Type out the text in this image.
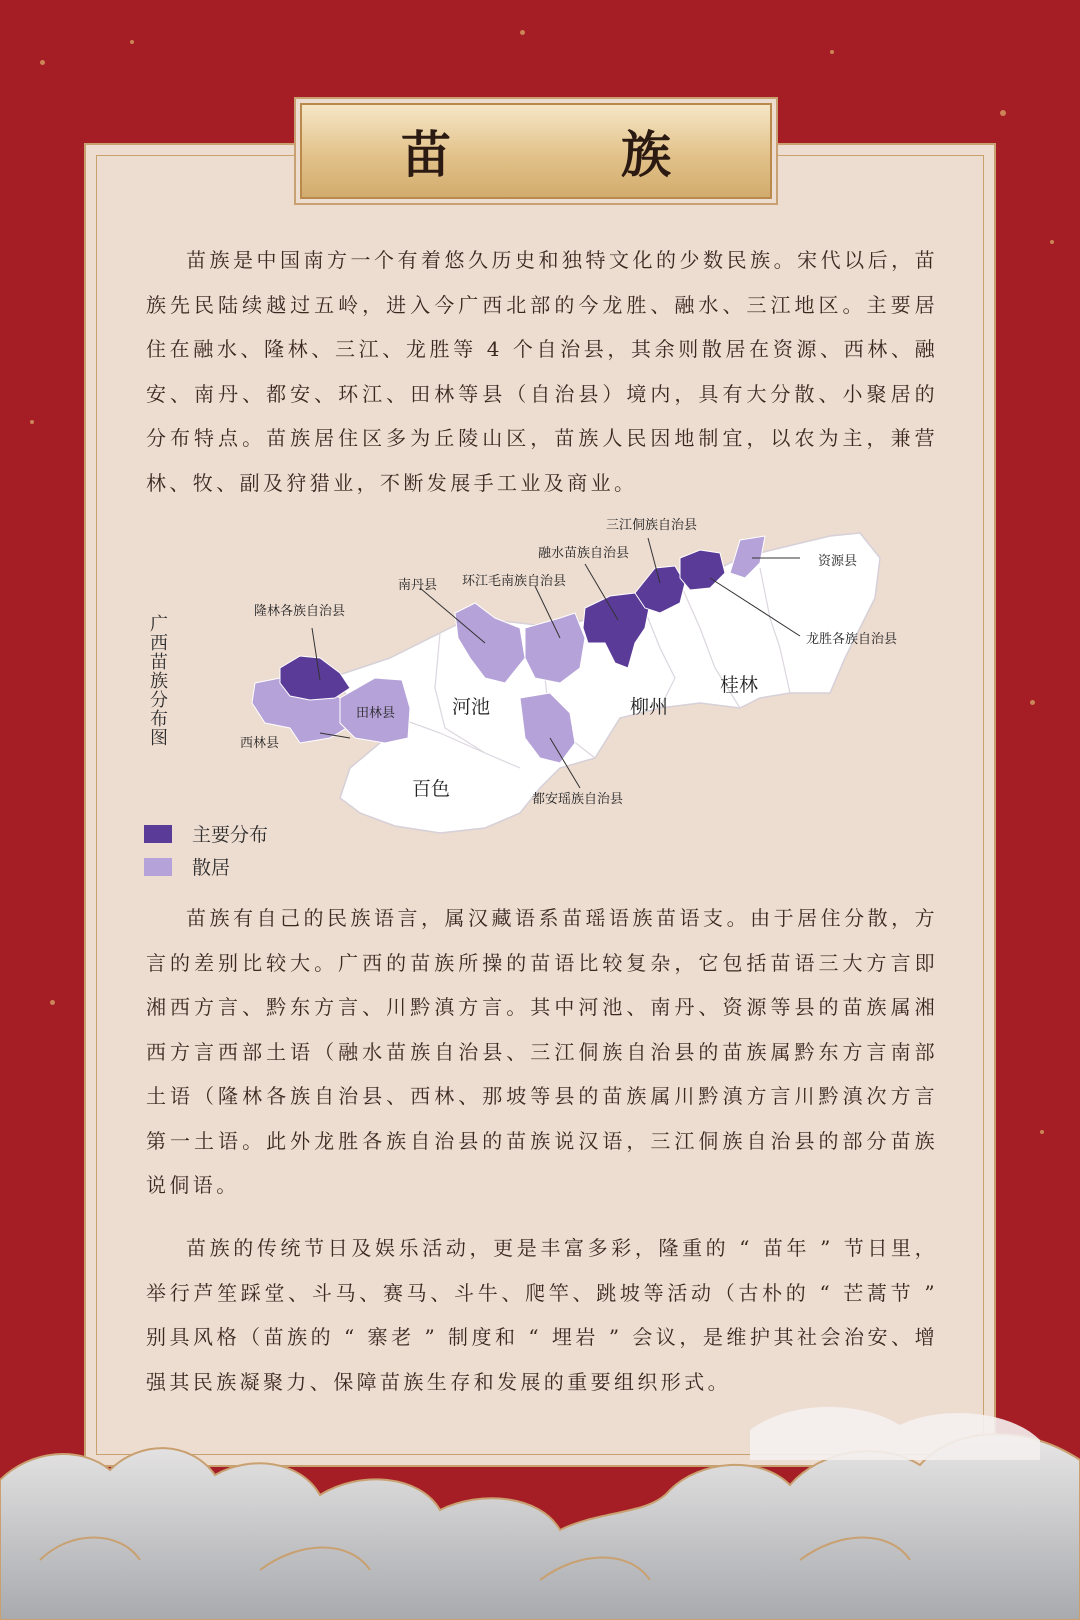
苗　族

苗族是中国南方一个有着悠久历史和独特文化的少数民族。宋代以后，苗族先民陆续越过五岭，进入今广西北部的今龙胜、融水、三江地区。主要居住在融水、隆林、三江、龙胜等 4 个自治县，其余则散居在资源、西林、融安、南丹、都安、环江、田林等县（自治县）境内，具有大分散、小聚居的分布特点。苗族居住区多为丘陵山区，苗族人民因地制宜，以农为主，兼营林、牧、副及狩猎业，不断发展手工业及商业。

广西苗族分布图
三江侗族自治县
融水苗族自治县
资源县
南丹县 环江毛南族自治县
隆林各族自治县
龙胜各族自治县
田林县
西林县
都安瑶族自治县
河池	柳州
桂林
百色
主要分布
散居

苗族有自己的民族语言，属汉藏语系苗瑶语族苗语支。由于居住分散，方言的差别比较大。广西的苗族所操的苗语比较复杂，它包括苗语三大方言即湘西方言、黔东方言、川黔滇方言。其中河池、南丹、资源等县的苗族属湘西方言西部土语（融水苗族自治县、三江侗族自治县的苗族属黔东方言南部土语（隆林各族自治县、西林、那坡等县的苗族属川黔滇方言川黔滇次方言第一土语。此外龙胜各族自治县的苗族说汉语，三江侗族自治县的部分苗族说侗语。

苗族的传统节日及娱乐活动，更是丰富多彩，隆重的 “ 苗年 ” 节日里，举行芦笙踩堂、斗马、赛马、斗牛、爬竿、跳坡等活动（古朴的 “ 芒蒿节 ” 别具风格（苗族的 “ 寨老 ” 制度和 “ 埋岩 ” 会议，是维护其社会治安、增强其民族凝聚力、保障苗族生存和发展的重要组织形式。
